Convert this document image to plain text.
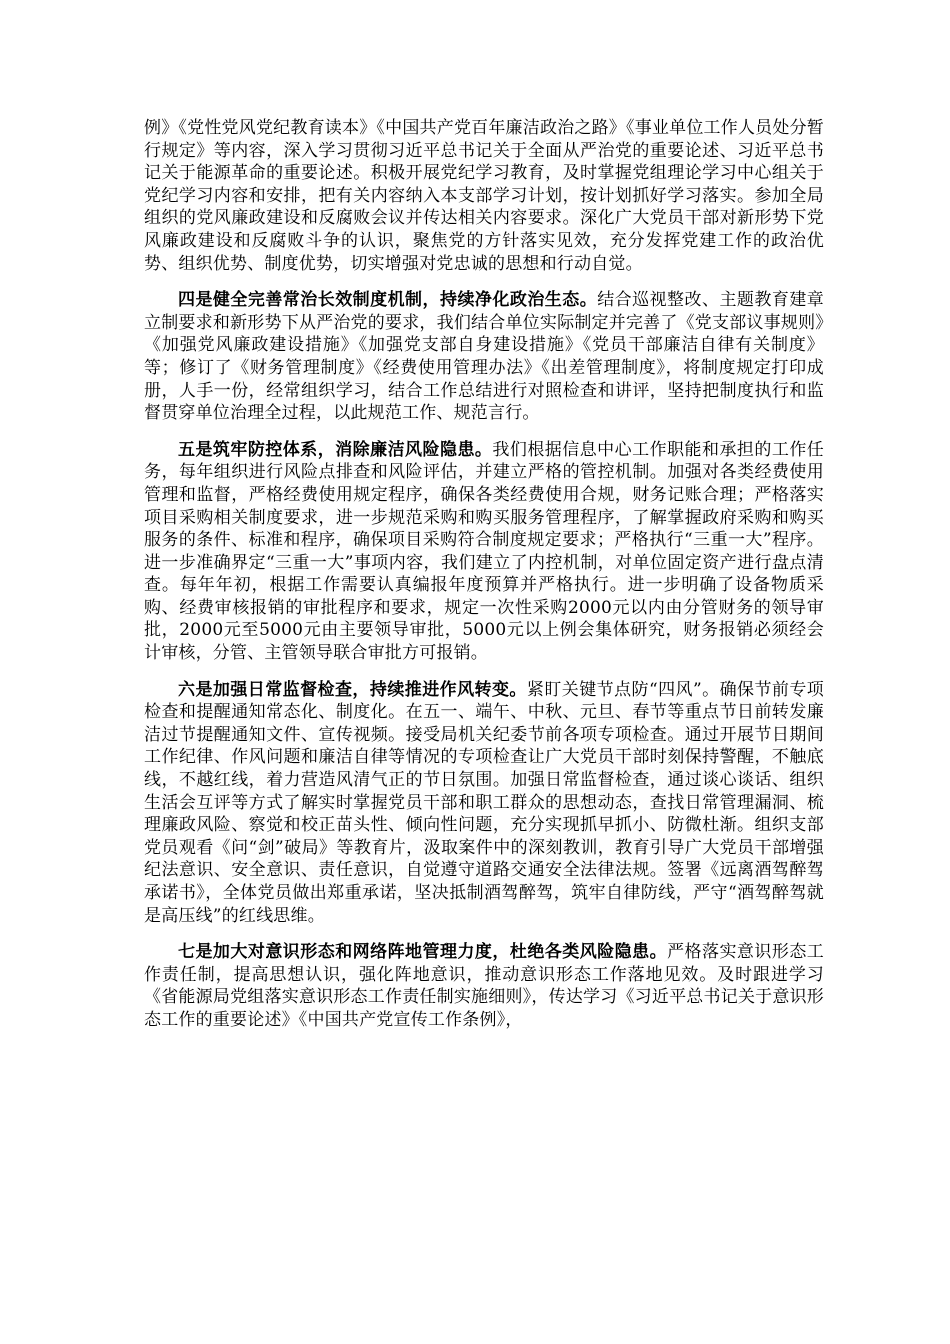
例》《党性党风党纪教育读本》《中国共产党百年廉洁政治之路》《事业单位工作人员处分暂行规定》等内容，深入学习贯彻习近平总书记关于全面从严治党的重要论述、习近平总书记关于能源革命的重要论述。积极开展党纪学习教育，及时掌握党组理论学习中心组关于党纪学习内容和安排，把有关内容纳入本支部学习计划，按计划抓好学习落实。参加全局组织的党风廉政建设和反腐败会议并传达相关内容要求。深化广大党员干部对新形势下党风廉政建设和反腐败斗争的认识，聚焦党的方针落实见效，充分发挥党建工作的政治优势、组织优势、制度优势，切实增强对党忠诚的思想和行动自觉。

四是健全完善常治长效制度机制，持续净化政治生态。结合巡视整改、主题教育建章立制要求和新形势下从严治党的要求，我们结合单位实际制定并完善了《党支部议事规则》《加强党风廉政建设措施》《加强党支部自身建设措施》《党员干部廉洁自律有关制度》等；修订了《财务管理制度》《经费使用管理办法》《出差管理制度》，将制度规定打印成册，人手一份，经常组织学习，结合工作总结进行对照检查和讲评，坚持把制度执行和监督贯穿单位治理全过程，以此规范工作、规范言行。

五是筑牢防控体系，消除廉洁风险隐患。我们根据信息中心工作职能和承担的工作任务，每年组织进行风险点排查和风险评估，并建立严格的管控机制。加强对各类经费使用管理和监督，严格经费使用规定程序，确保各类经费使用合规，财务记账合理；严格落实项目采购相关制度要求，进一步规范采购和购买服务管理程序，了解掌握政府采购和购买服务的条件、标准和程序，确保项目采购符合制度规定要求；严格执行“三重一大”程序。进一步准确界定“三重一大”事项内容，我们建立了内控机制，对单位固定资产进行盘点清查。每年年初，根据工作需要认真编报年度预算并严格执行。进一步明确了设备物质采购、经费审核报销的审批程序和要求，规定一次性采购2000元以内由分管财务的领导审批，2000元至5000元由主要领导审批，5000元以上例会集体研究，财务报销必须经会计审核，分管、主管领导联合审批方可报销。

六是加强日常监督检查，持续推进作风转变。紧盯关键节点防“四风”。确保节前专项检查和提醒通知常态化、制度化。在五一、端午、中秋、元旦、春节等重点节日前转发廉洁过节提醒通知文件、宣传视频。接受局机关纪委节前各项专项检查。通过开展节日期间工作纪律、作风问题和廉洁自律等情况的专项检查让广大党员干部时刻保持警醒，不触底线，不越红线，着力营造风清气正的节日氛围。加强日常监督检查，通过谈心谈话、组织生活会互评等方式了解实时掌握党员干部和职工群众的思想动态，查找日常管理漏洞、梳理廉政风险、察觉和校正苗头性、倾向性问题，充分实现抓早抓小、防微杜渐。组织支部党员观看《问“剑”破局》等教育片，汲取案件中的深刻教训，教育引导广大党员干部增强纪法意识、安全意识、责任意识，自觉遵守道路交通安全法律法规。签署《远离酒驾醉驾承诺书》，全体党员做出郑重承诺，坚决抵制酒驾醉驾，筑牢自律防线，严守“酒驾醉驾就是高压线”的红线思维。

七是加大对意识形态和网络阵地管理力度，杜绝各类风险隐患。严格落实意识形态工作责任制，提高思想认识，强化阵地意识，推动意识形态工作落地见效。及时跟进学习《省能源局党组落实意识形态工作责任制实施细则》，传达学习《习近平总书记关于意识形态工作的重要论述》《中国共产党宣传工作条例》，
